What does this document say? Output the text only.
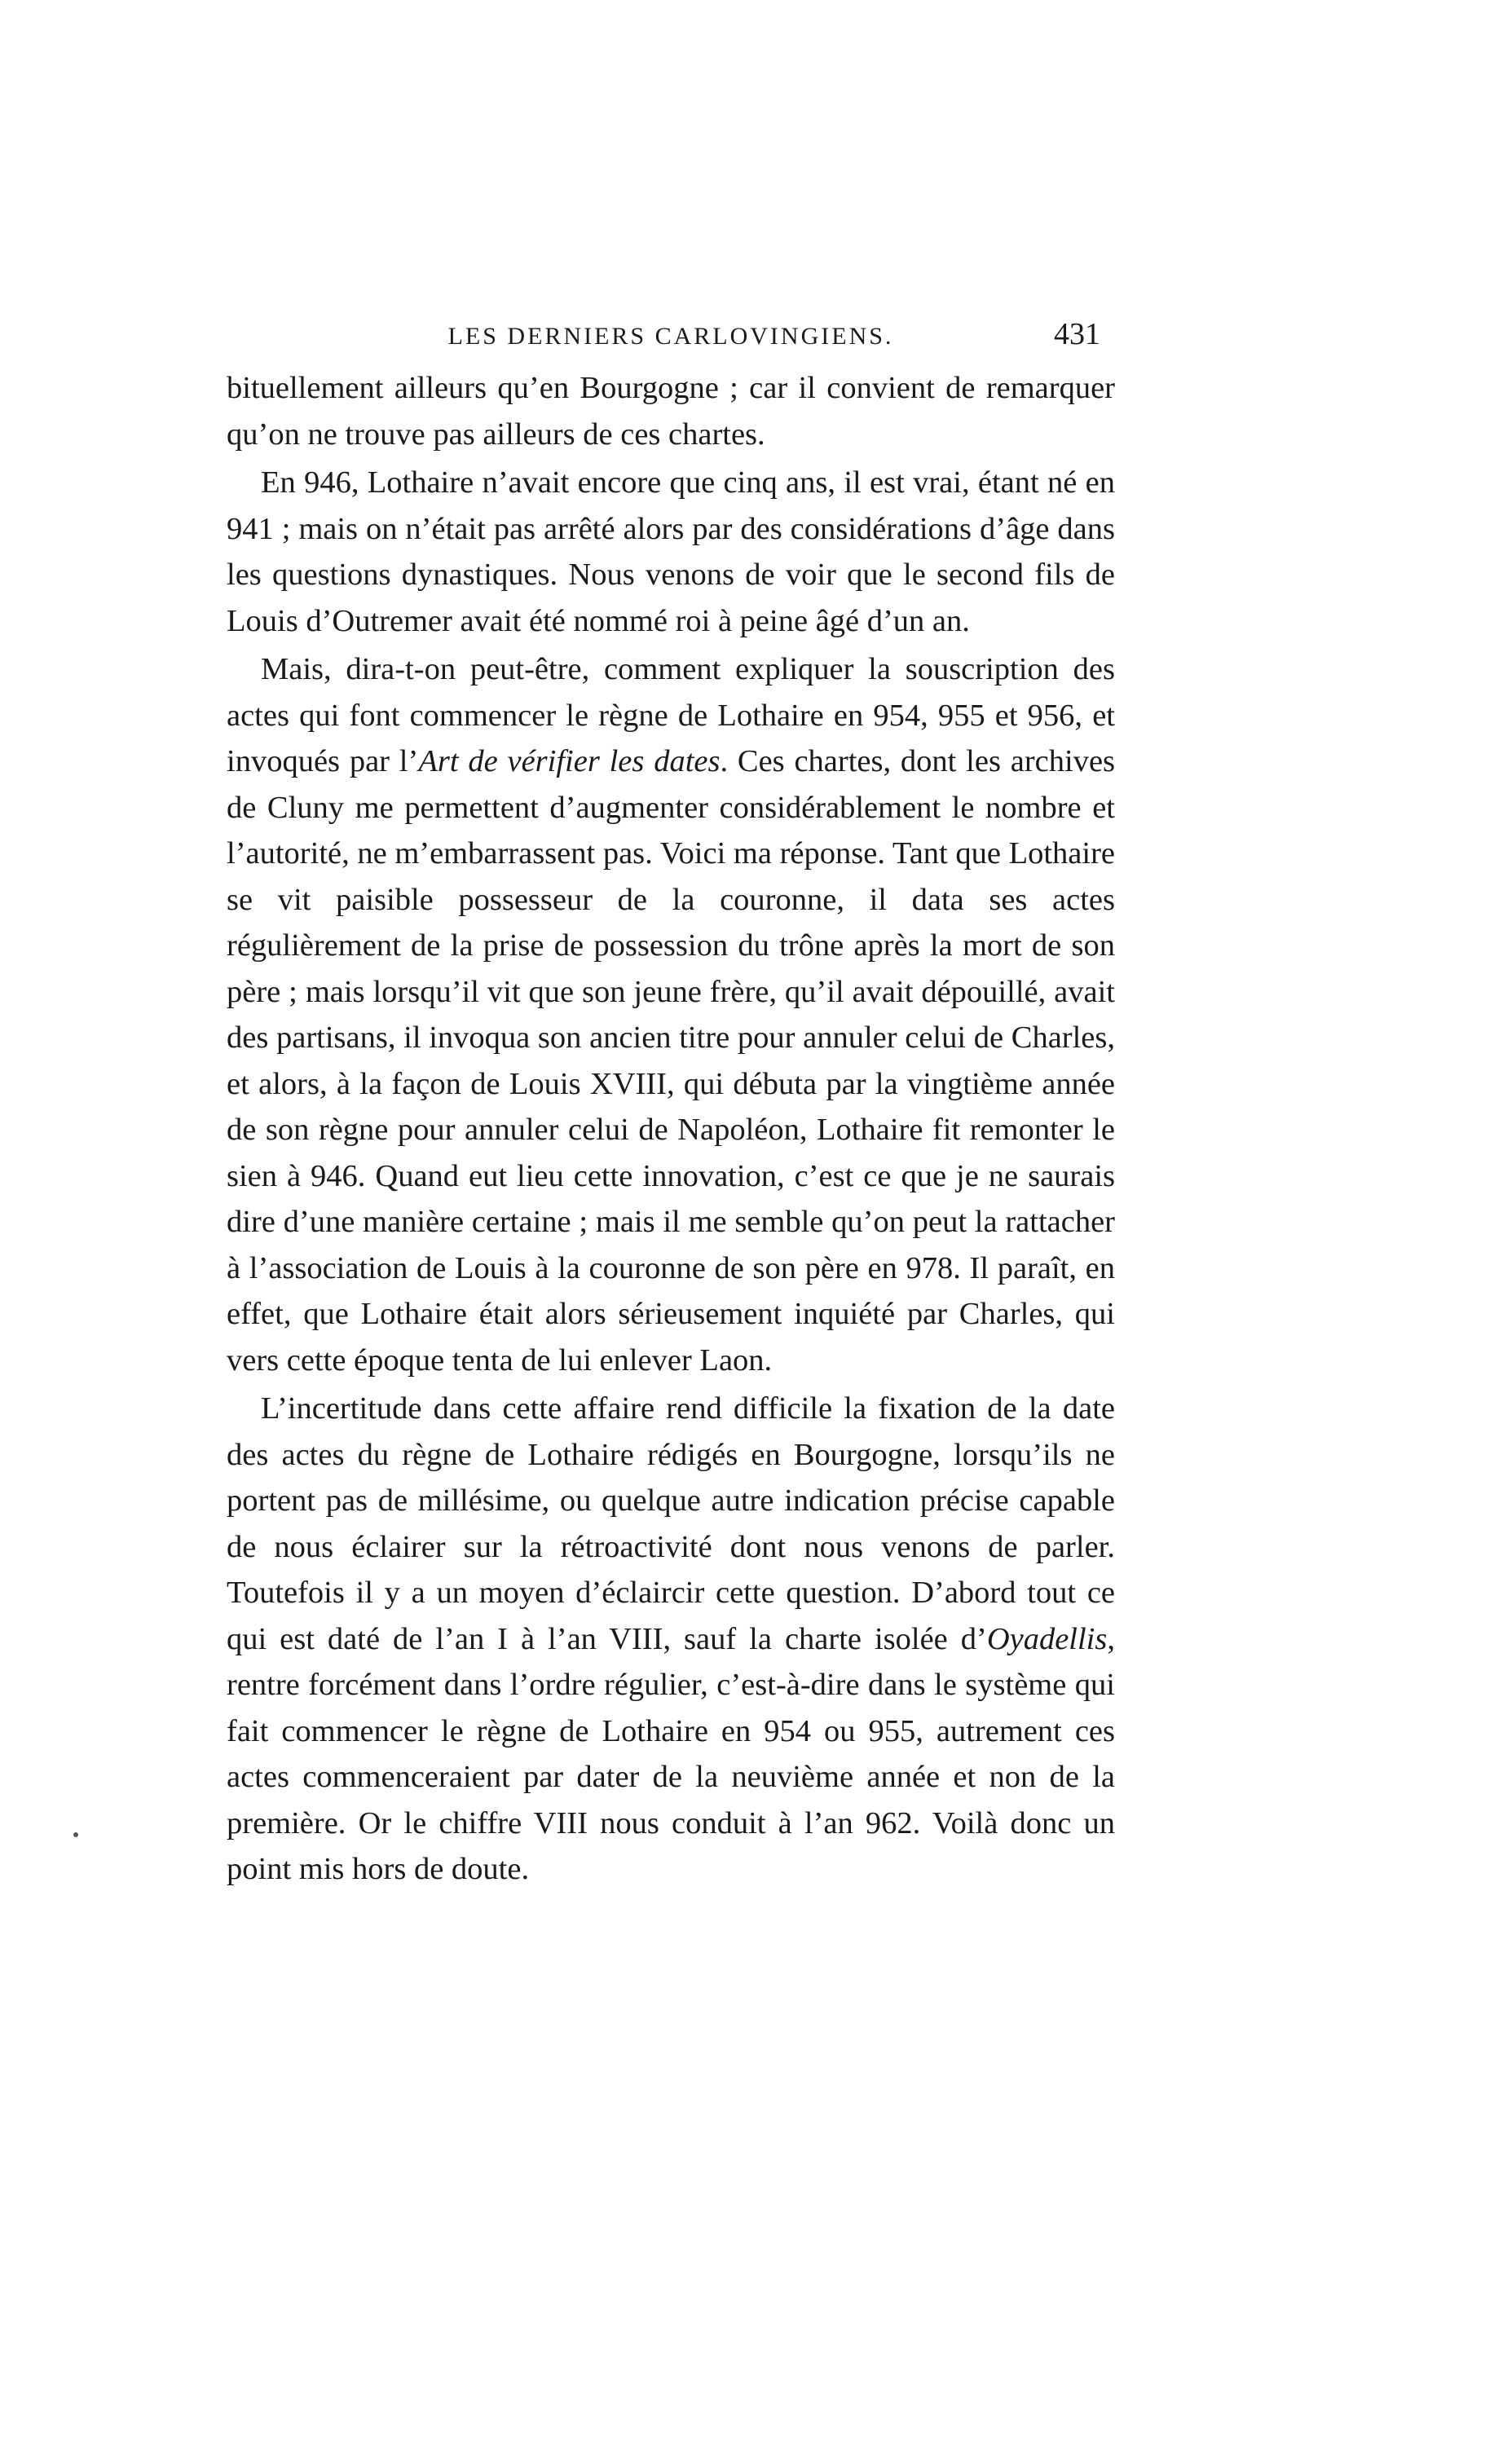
LES DERNIERS CARLOVINGIENS.	431

bituellement ailleurs qu’en Bourgogne ; car il convient de remarquer qu’on ne trouve pas ailleurs de ces chartes.

En 946, Lothaire n’avait encore que cinq ans, il est vrai, étant né en 941 ; mais on n’était pas arrêté alors par des considérations d’âge dans les questions dynastiques. Nous venons de voir que le second fils de Louis d’Outremer avait été nommé roi à peine âgé d’un an.

Mais, dira-t-on peut-être, comment expliquer la souscription des actes qui font commencer le règne de Lothaire en 954, 955 et 956, et invoqués par l’Art de vérifier les dates. Ces chartes, dont les archives de Cluny me permettent d’augmenter considérablement le nombre et l’autorité, ne m’embarrassent pas. Voici ma réponse. Tant que Lothaire se vit paisible possesseur de la couronne, il data ses actes régulièrement de la prise de possession du trône après la mort de son père ; mais lorsqu’il vit que son jeune frère, qu’il avait dépouillé, avait des partisans, il invoqua son ancien titre pour annuler celui de Charles, et alors, à la façon de Louis XVIII, qui débuta par la vingtième année de son règne pour annuler celui de Napoléon, Lothaire fit remonter le sien à 946. Quand eut lieu cette innovation, c’est ce que je ne saurais dire d’une manière certaine ; mais il me semble qu’on peut la rattacher à l’association de Louis à la couronne de son père en 978. Il paraît, en effet, que Lothaire était alors sérieusement inquiété par Charles, qui vers cette époque tenta de lui enlever Laon.

L’incertitude dans cette affaire rend difficile la fixation de la date des actes du règne de Lothaire rédigés en Bourgogne, lorsqu’ils ne portent pas de millésime, ou quelque autre indication précise capable de nous éclairer sur la rétroactivité dont nous venons de parler. Toutefois il y a un moyen d’éclaircir cette question. D’abord tout ce qui est daté de l’an I à l’an VIII, sauf la charte isolée d’Oyadellis, rentre forcément dans l’ordre régulier, c’est-à-dire dans le système qui fait commencer le règne de Lothaire en 954 ou 955, autrement ces actes commenceraient par dater de la neuvième année et non de la première. Or le chiffre VIII nous conduit à l’an 962. Voilà donc un point mis hors de doute.
